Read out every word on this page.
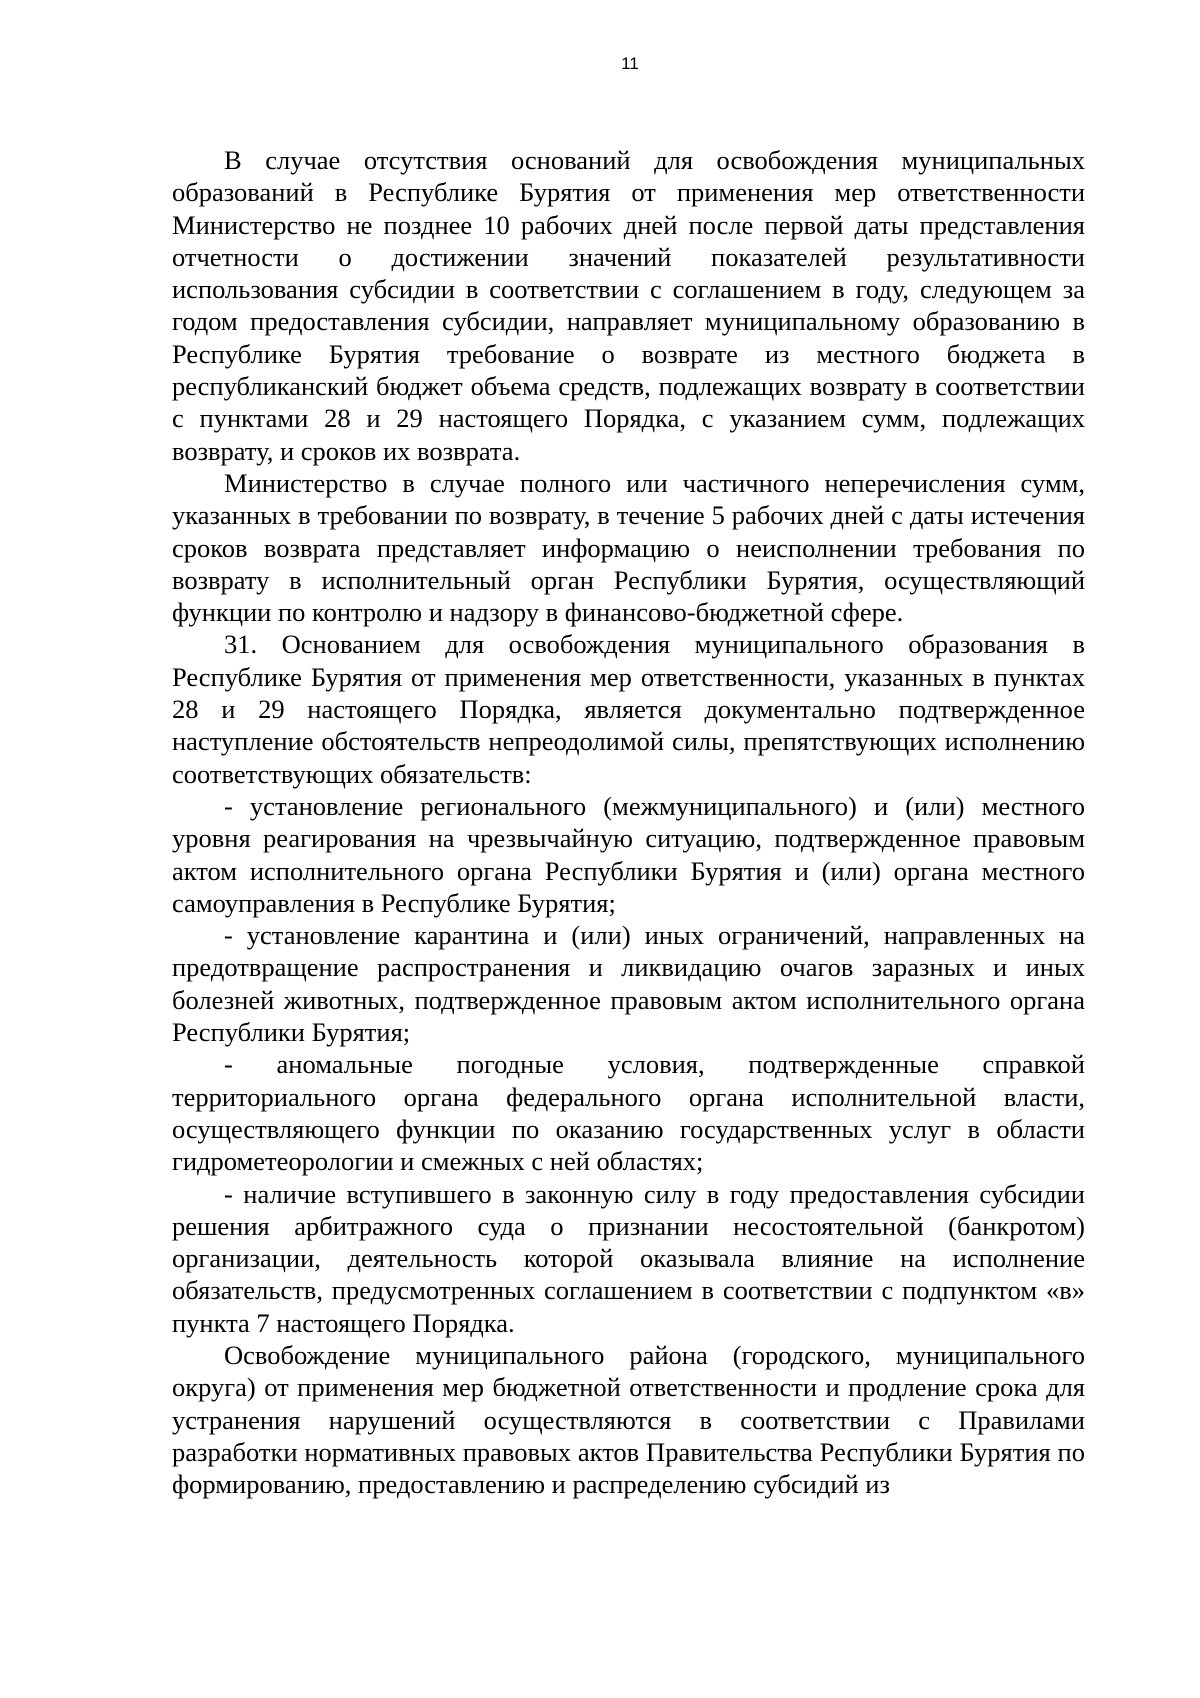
11

В случае отсутствия оснований для освобождения муниципальных образований в Республике Бурятия от применения мер ответственности Министерство не позднее 10 рабочих дней после первой даты представления отчетности о достижении значений показателей результативности использования субсидии в соответствии с соглашением в году, следующем за годом предоставления субсидии, направляет муниципальному образованию в Республике Бурятия требование о возврате из местного бюджета в республиканский бюджет объема средств, подлежащих возврату в соответствии с пунктами 28 и 29 настоящего Порядка, с указанием сумм, подлежащих возврату, и сроков их возврата.

Министерство в случае полного или частичного неперечисления сумм, указанных в требовании по возврату, в течение 5 рабочих дней с даты истечения сроков возврата представляет информацию о неисполнении требования по возврату в исполнительный орган Республики Бурятия, осуществляющий функции по контролю и надзору в финансово-бюджетной сфере.

31. Основанием для освобождения муниципального образования в Республике Бурятия от применения мер ответственности, указанных в пунктах 28 и 29 настоящего Порядка, является документально подтвержденное наступление обстоятельств непреодолимой силы, препятствующих исполнению соответствующих обязательств:

- установление регионального (межмуниципального) и (или) местного уровня реагирования на чрезвычайную ситуацию, подтвержденное правовым актом исполнительного органа Республики Бурятия и (или) органа местного самоуправления в Республике Бурятия;

- установление карантина и (или) иных ограничений, направленных на предотвращение распространения и ликвидацию очагов заразных и иных болезней животных, подтвержденное правовым актом исполнительного органа Республики Бурятия;

- аномальные погодные условия, подтвержденные справкой территориального органа федерального органа исполнительной власти, осуществляющего функции по оказанию государственных услуг в области гидрометеорологии и смежных с ней областях;

- наличие вступившего в законную силу в году предоставления субсидии решения арбитражного суда о признании несостоятельной (банкротом) организации, деятельность которой оказывала влияние на исполнение обязательств, предусмотренных соглашением в соответствии с подпунктом «в» пункта 7 настоящего Порядка.

Освобождение муниципального района (городского, муниципального округа) от применения мер бюджетной ответственности и продление срока для устранения нарушений осуществляются в соответствии с Правилами разработки нормативных правовых актов Правительства Республики Бурятия по формированию, предоставлению и распределению субсидий из
